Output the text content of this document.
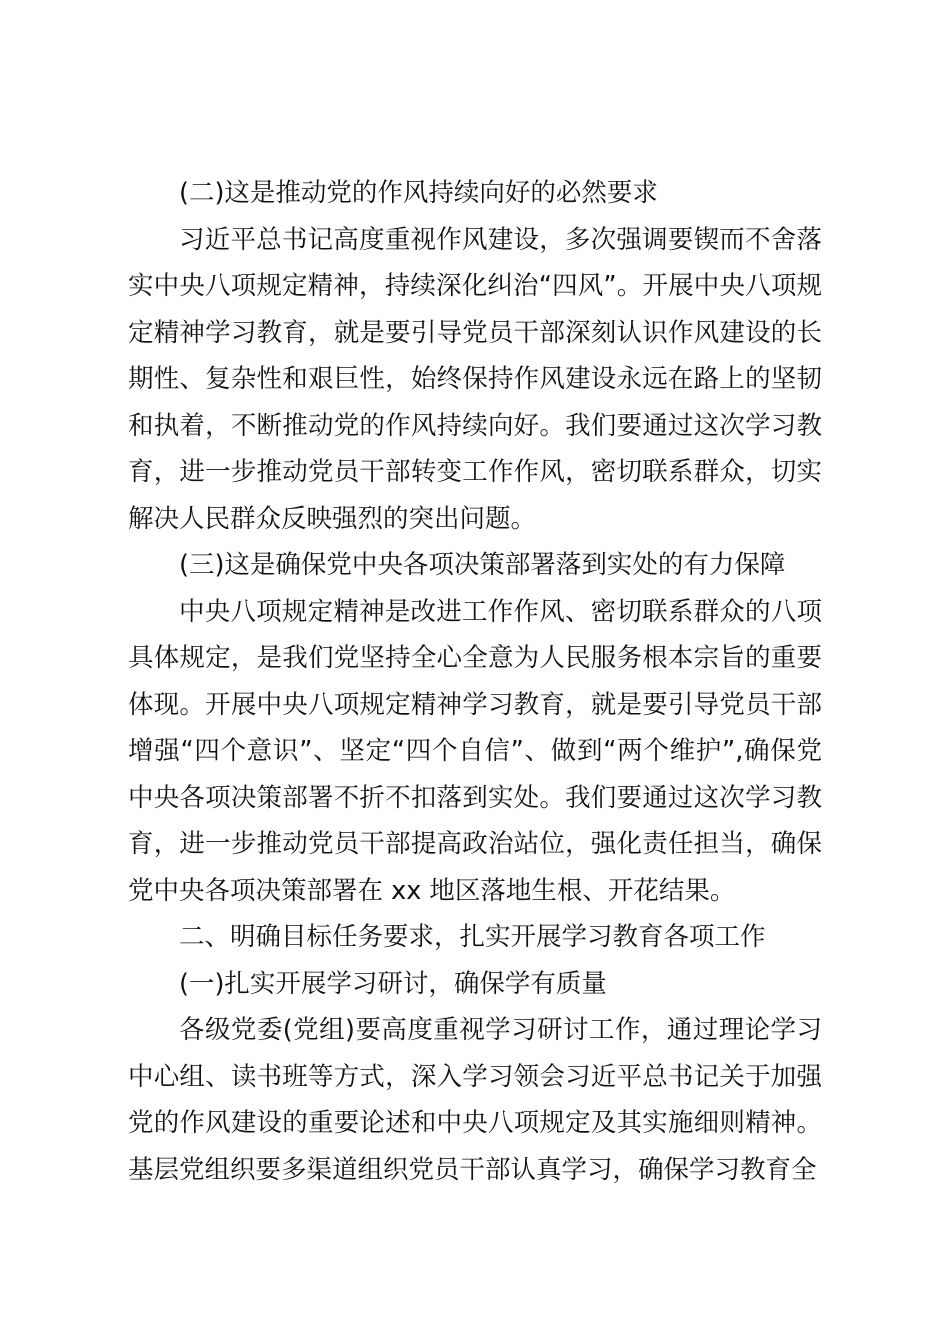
(二)这是推动党的作风持续向好的必然要求

习近平总书记高度重视作风建设，多次强调要锲而不舍落实中央八项规定精神，持续深化纠治“四风”。开展中央八项规定精神学习教育，就是要引导党员干部深刻认识作风建设的长期性、复杂性和艰巨性，始终保持作风建设永远在路上的坚韧和执着，不断推动党的作风持续向好。我们要通过这次学习教育，进一步推动党员干部转变工作作风，密切联系群众，切实解决人民群众反映强烈的突出问题。

(三)这是确保党中央各项决策部署落到实处的有力保障

中央八项规定精神是改进工作作风、密切联系群众的八项具体规定，是我们党坚持全心全意为人民服务根本宗旨的重要体现。开展中央八项规定精神学习教育，就是要引导党员干部增强“四个意识”、坚定“四个自信”、做到“两个维护”,确保党中央各项决策部署不折不扣落到实处。我们要通过这次学习教育，进一步推动党员干部提高政治站位，强化责任担当，确保党中央各项决策部署在 xx 地区落地生根、开花结果。

二、明确目标任务要求，扎实开展学习教育各项工作

(一)扎实开展学习研讨，确保学有质量

各级党委(党组)要高度重视学习研讨工作，通过理论学习中心组、读书班等方式，深入学习领会习近平总书记关于加强党的作风建设的重要论述和中央八项规定及其实施细则精神。基层党组织要多渠道组织党员干部认真学习，确保学习教育全
